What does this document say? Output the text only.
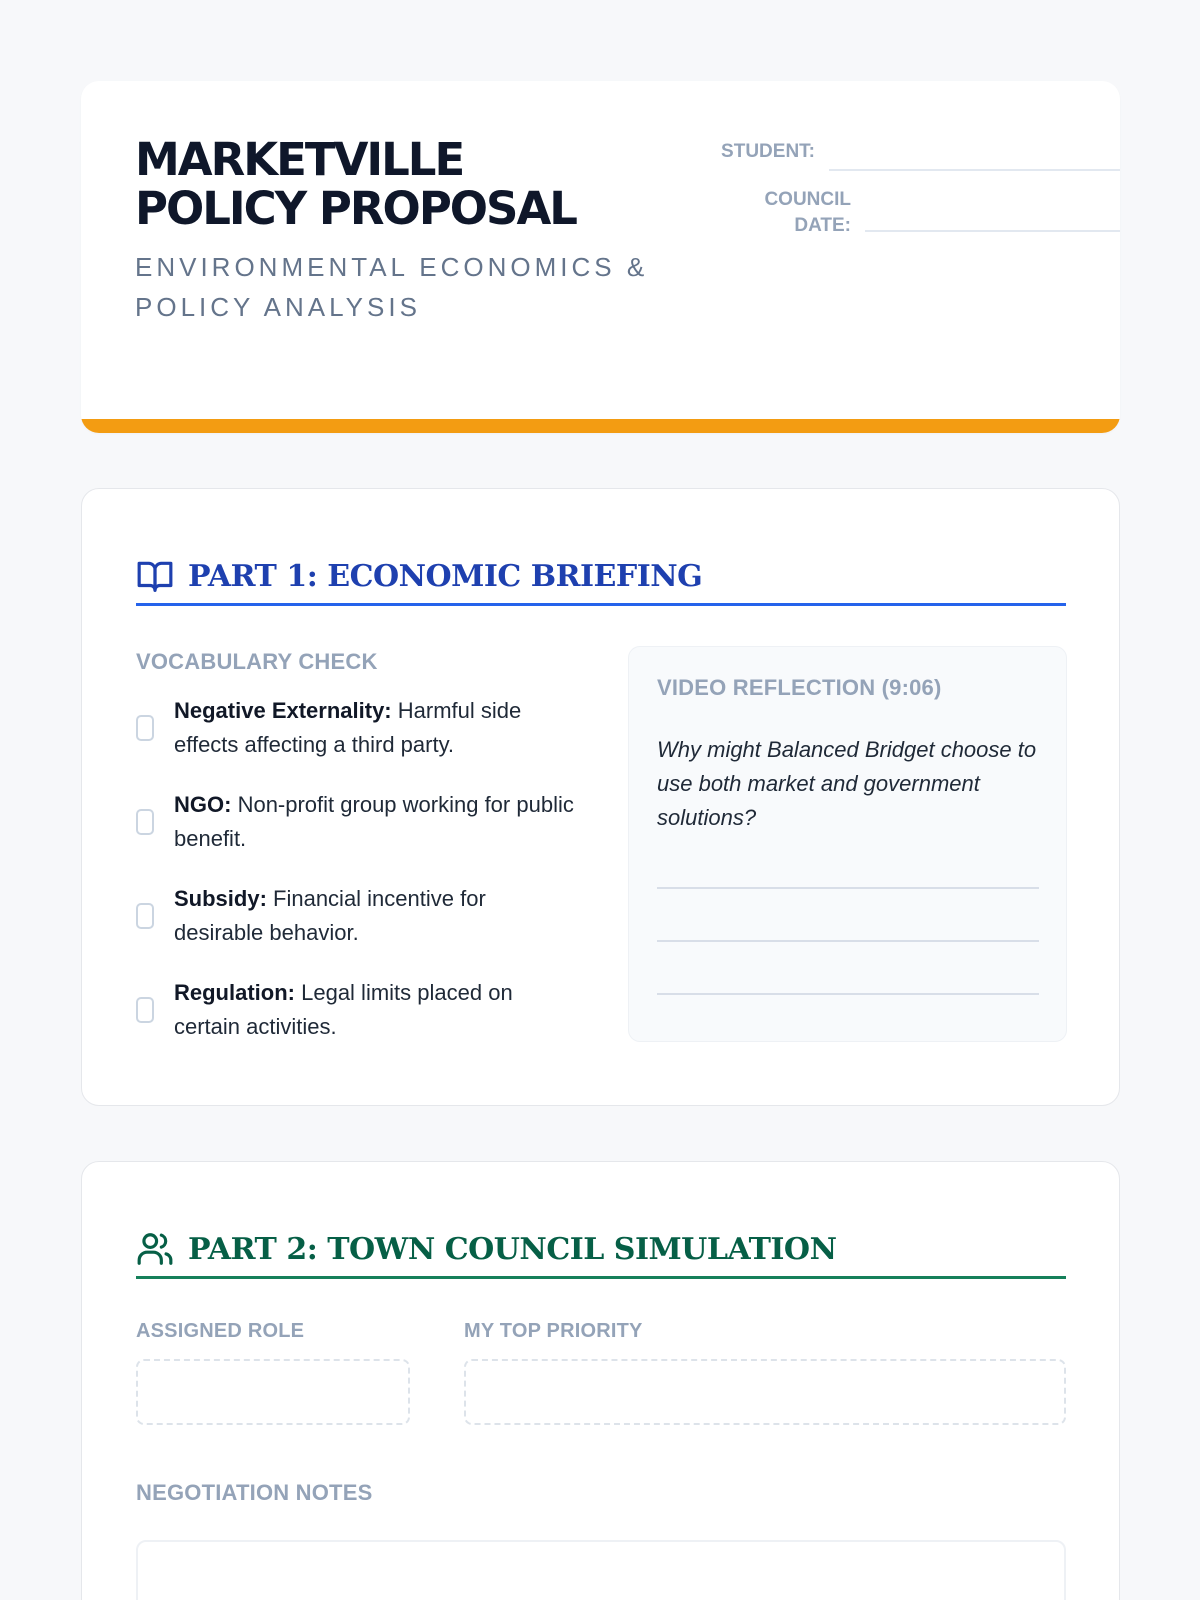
MARKETVILLE
POLICY PROPOSAL
ENVIRONMENTAL ECONOMICS &
POLICY ANALYSIS
STUDENT:
COUNCIL
DATE:
PART 1: ECONOMIC BRIEFING
VOCABULARY CHECK
Negative Externality: Harmful side effects affecting a third party.
NGO: Non-profit group working for public benefit.
Subsidy: Financial incentive for desirable behavior.
Regulation: Legal limits placed on certain activities.
VIDEO REFLECTION (9:06)
Why might Balanced Bridget choose to use both market and government solutions?
PART 2: TOWN COUNCIL SIMULATION
ASSIGNED ROLE	MY TOP PRIORITY
NEGOTIATION NOTES
